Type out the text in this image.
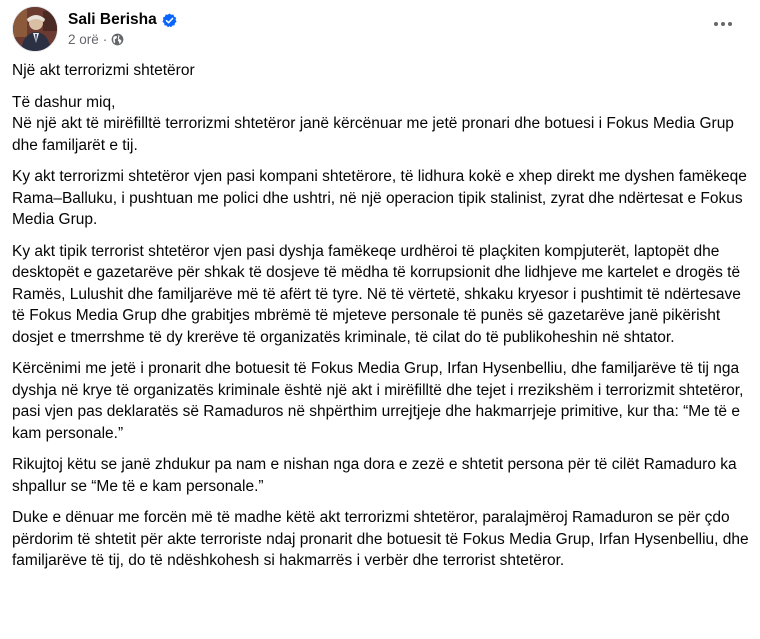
Sali Berisha
2 orë ·

Një akt terrorizmi shtetëror

Të dashur miq,
Në një akt të mirëfilltë terrorizmi shtetëror janë kërcënuar me jetë pronari dhe botuesi i Fokus Media Grup dhe familjarët e tij.

Ky akt terrorizmi shtetëror vjen pasi kompani shtetërore, të lidhura kokë e xhep direkt me dyshen famëkeqe Rama–Balluku, i pushtuan me polici dhe ushtri, në një operacion tipik stalinist, zyrat dhe ndërtesat e Fokus Media Grup.

Ky akt tipik terrorist shtetëror vjen pasi dyshja famëkeqe urdhëroi të plaçkiten kompjuterët, laptopët dhe desktopët e gazetarëve për shkak të dosjeve të mëdha të korrupsionit dhe lidhjeve me kartelet e drogës të Ramës, Lulushit dhe familjarëve më të afërt të tyre. Në të vërtetë, shkaku kryesor i pushtimit të ndërtesave të Fokus Media Grup dhe grabitjes mbrëmë të mjeteve personale të punës së gazetarëve janë pikërisht dosjet e tmerrshme të dy krerëve të organizatës kriminale, të cilat do të publikoheshin në shtator.

Kërcënimi me jetë i pronarit dhe botuesit të Fokus Media Grup, Irfan Hysenbelliu, dhe familjarëve të tij nga dyshja në krye të organizatës kriminale është një akt i mirëfilltë dhe tejet i rrezikshëm i terrorizmit shtetëror, pasi vjen pas deklaratës së Ramaduros në shpërthim urrejtjeje dhe hakmarrjeje primitive, kur tha: “Me të e kam personale.”

Rikujtoj këtu se janë zhdukur pa nam e nishan nga dora e zezë e shtetit persona për të cilët Ramaduro ka shpallur se “Me të e kam personale.”

Duke e dënuar me forcën më të madhe këtë akt terrorizmi shtetëror, paralajmëroj Ramaduron se për çdo përdorim të shtetit për akte terroriste ndaj pronarit dhe botuesit të Fokus Media Grup, Irfan Hysenbelliu, dhe familjarëve të tij, do të ndëshkohesh si hakmarrës i verbër dhe terrorist shtetëror.
